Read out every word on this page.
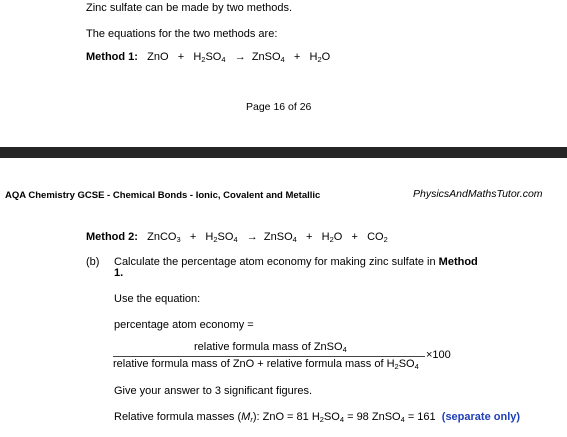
Zinc sulfate can be made by two methods.
The equations for the two methods are:
Method 1: ZnO + $H_2SO_4$ → ZnSO$_4$ + $H_2O$
Page 16 of 26
AQA Chemistry GCSE - Chemical Bonds - Ionic, Covalent and Metallic	PhysicsAndMathsTutor.com
Method 2: ZnCO$_3$ + $H_2SO_4$ → ZnSO$_4$ + $H_2O + CO_2$
(b) Calculate the percentage atom economy for making zinc sulfate in Method
1.
Use the equation:
percentage atom economy =
relative formula mass of ZnSO$_4$
relative formula mass of ZnO + relative formula mass of $H_2SO_4$
×100
Give your answer to 3 significant figures.
Relative formula masses $(M_r)$: ZnO = 81 $H_2SO_4 = 98$ ZnSO$_4$ = 161 (separate only)
